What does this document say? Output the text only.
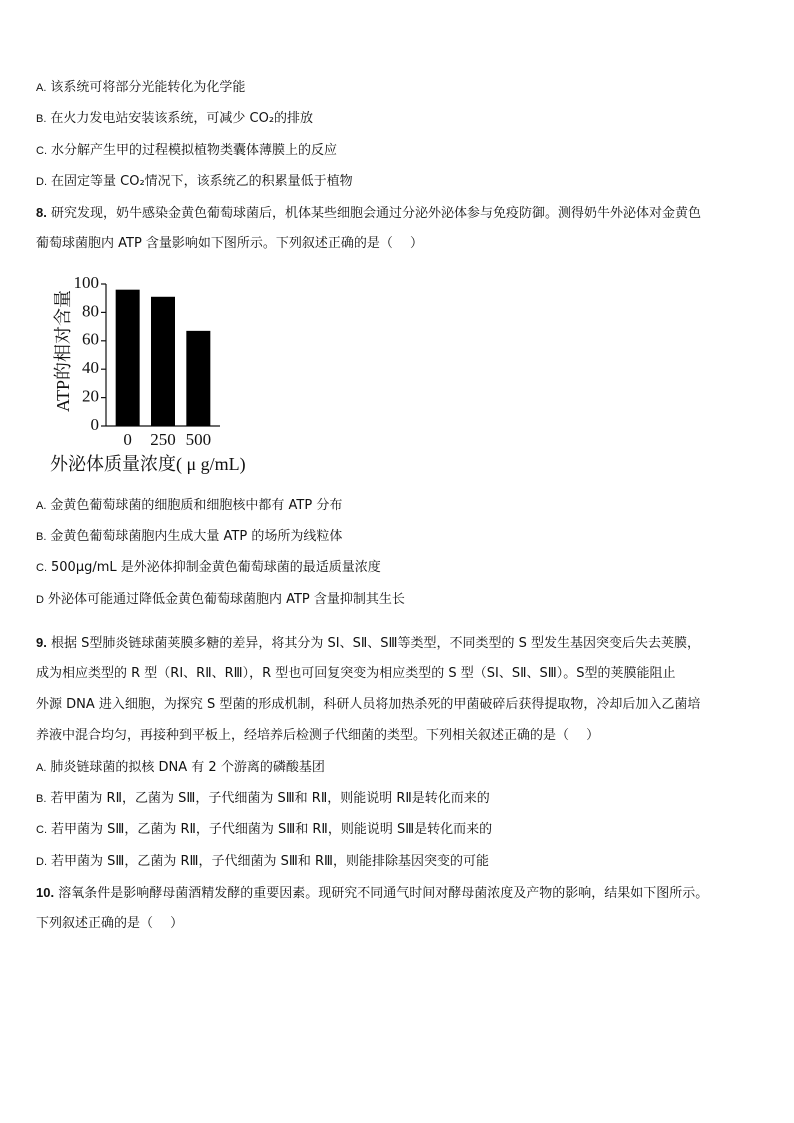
A. 该系统可将部分光能转化为化学能

B. 在火力发电站安装该系统，可减少 CO₂的排放

C. 水分解产生甲的过程模拟植物类囊体薄膜上的反应

D. 在固定等量 CO₂情况下，该系统乙的积累量低于植物

8. 研究发现，奶牛感染金黄色葡萄球菌后，机体某些细胞会通过分泌外泌体参与免疫防御。测得奶牛外泌体对金黄色

葡萄球菌胞内 ATP 含量影响如下图所示。下列叙述正确的是（　 ）

0
20
40
60
80
100
0 250 500
ATP的相对含量
外泌体质量浓度( μ g/mL)

A. 金黄色葡萄球菌的细胞质和细胞核中都有 ATP 分布

B. 金黄色葡萄球菌胞内生成大量 ATP 的场所为线粒体

C. 500μg/mL 是外泌体抑制金黄色葡萄球菌的最适质量浓度

D 外泌体可能通过降低金黄色葡萄球菌胞内 ATP 含量抑制其生长

9. 根据 S型肺炎链球菌荚膜多糖的差异，将其分为 SⅠ、SⅡ、SⅢ等类型，不同类型的 S 型发生基因突变后失去荚膜，

成为相应类型的 R 型（RⅠ、RⅡ、RⅢ），R 型也可回复突变为相应类型的 S 型（SⅠ、SⅡ、SⅢ）。S型的荚膜能阻止

外源 DNA 进入细胞，为探究 S 型菌的形成机制，科研人员将加热杀死的甲菌破碎后获得提取物，冷却后加入乙菌培

养液中混合均匀，再接种到平板上，经培养后检测子代细菌的类型。下列相关叙述正确的是（　 ）

A. 肺炎链球菌的拟核 DNA 有 2 个游离的磷酸基团

B. 若甲菌为 RⅡ，乙菌为 SⅢ，子代细菌为 SⅢ和 RⅡ，则能说明 RⅡ是转化而来的

C. 若甲菌为 SⅢ，乙菌为 RⅡ，子代细菌为 SⅢ和 RⅡ，则能说明 SⅢ是转化而来的

D. 若甲菌为 SⅢ，乙菌为 RⅢ，子代细菌为 SⅢ和 RⅢ，则能排除基因突变的可能

10. 溶氧条件是影响酵母菌酒精发酵的重要因素。现研究不同通气时间对酵母菌浓度及产物的影响，结果如下图所示。

下列叙述正确的是（　 ）
